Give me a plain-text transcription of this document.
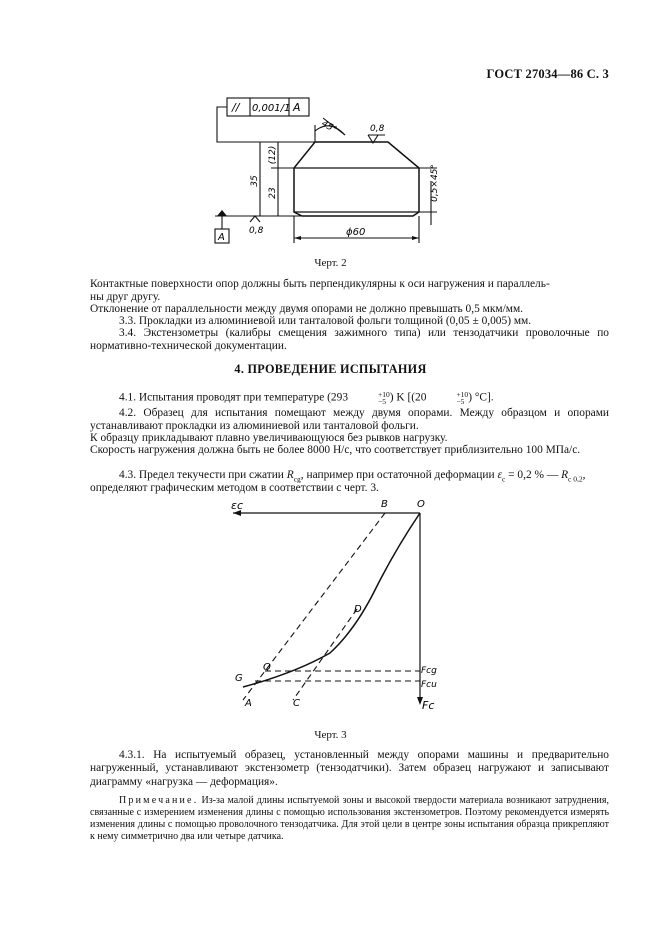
ГОСТ 27034—86 С. 3
// 0,001/1 A
45°	0,8
(12)
35
23	0,5×45°
0,8	ϕ60
A
Черт. 2
Контактные поверхности опор должны быть перпендикулярны к оси нагружения и параллель-
ны друг другу.
Отклонение от параллельности между двумя опорами не должно превышать 0,5 мкм/мм.
3.3. Прокладки из алюминиевой или танталовой фольги толщиной (0,05 ± 0,005) мм.
3.4. Экстензометры (калибры смещения зажимного типа) или тензодатчики проволочные по нормативно-технической документации.
4. ПРОВЕДЕНИЕ ИСПЫТАНИЯ
4.1. Испытания проводят при температуре (293	+10
−5 ) K [(20	+10
−5 ) °C].
4.2. Образец для испытания помещают между двумя опорами. Между образцом и опорами устанавливают прокладки из алюминиевой или танталовой фольги.
К образцу прикладывают плавно увеличивающуюся без рывков нагрузку.
Скорость нагружения должна быть не более 8000 Н/с, что соответствует приблизительно 100 МПа/с.
4.3. Предел текучести при сжатии $R_{cg}$, например при остаточной деформации $\varepsilon_c = 0,2$ % — $R_{c 0,2}$,
определяют графическим методом в соответствии с черт. 3.
εc
Fc
B	O
D
Q
G
A	C
Fcg
Fcu
Черт. 3
4.3.1. На испытуемый образец, установленный между опорами машины и предварительно нагруженный, устанавливают экстензометр (тензодатчики). Затем образец нагружают и записывают диаграмму «нагрузка — деформация».
Примечание. Из-за малой длины испытуемой зоны и высокой твердости материала возникают затруднения, связанные с измерением изменения длины с помощью использования экстензометров. Поэтому рекомендуется измерять изменения длины с помощью проволочного тензодатчика. Для этой цели в центре зоны испытания образца прикрепляют к нему симметрично два или четыре датчика.
